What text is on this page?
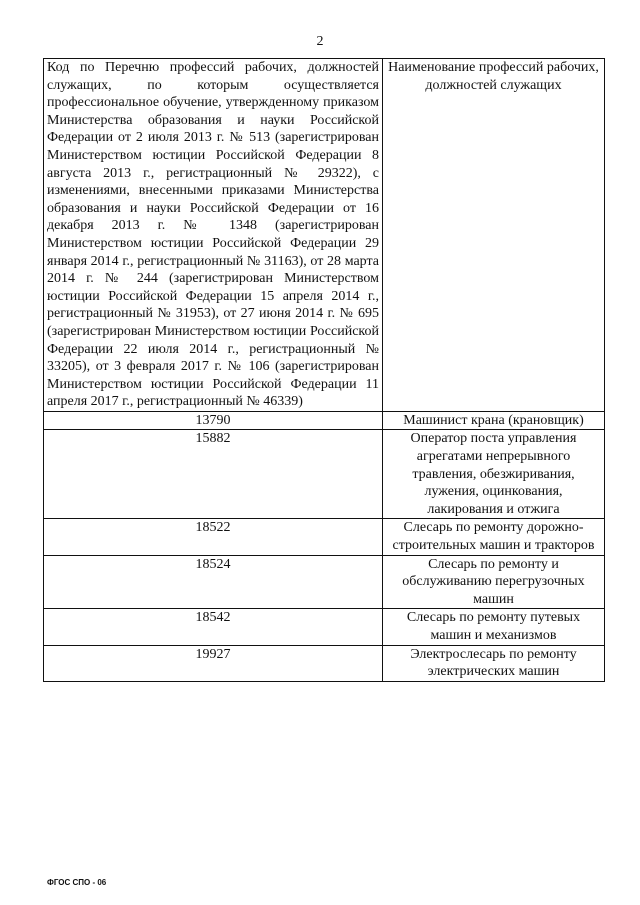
2
Код по Перечню профессий рабочих, должностей служащих, по которым осуществляется профессиональное обучение, утвержденному приказом Министерства образования и науки Российской Федерации от 2 июля 2013 г. № 513 (зарегистрирован Министерством юстиции Российской Федерации 8 августа 2013 г., регистрационный № 29322), с изменениями, внесенными приказами Министерства образования и науки Российской Федерации от 16 декабря 2013 г. № 1348 (зарегистрирован Министерством юстиции Российской Федерации 29 января 2014 г., регистрационный № 31163), от 28 марта 2014 г. № 244 (зарегистрирован Министерством юстиции Российской Федерации 15 апреля 2014 г., регистрационный № 31953), от 27 июня 2014 г. № 695 (зарегистрирован Министерством юстиции Российской Федерации 22 июля 2014 г., регистрационный № 33205), от 3 февраля 2017 г. № 106 (зарегистрирован Министерством юстиции Российской Федерации 11 апреля 2017 г., регистрационный № 46339)	Наименование профессий рабочих, должностей служащих
13790	Машинист крана (крановщик)
15882	Оператор поста управления агрегатами непрерывного травления, обезжиривания, лужения, оцинкования, лакирования и отжига
18522	Слесарь по ремонту дорожно-строительных машин и тракторов
18524	Слесарь по ремонту и обслуживанию перегрузочных машин
18542	Слесарь по ремонту путевых машин и механизмов
19927	Электрослесарь по ремонту электрических машин
ФГОС СПО - 06
